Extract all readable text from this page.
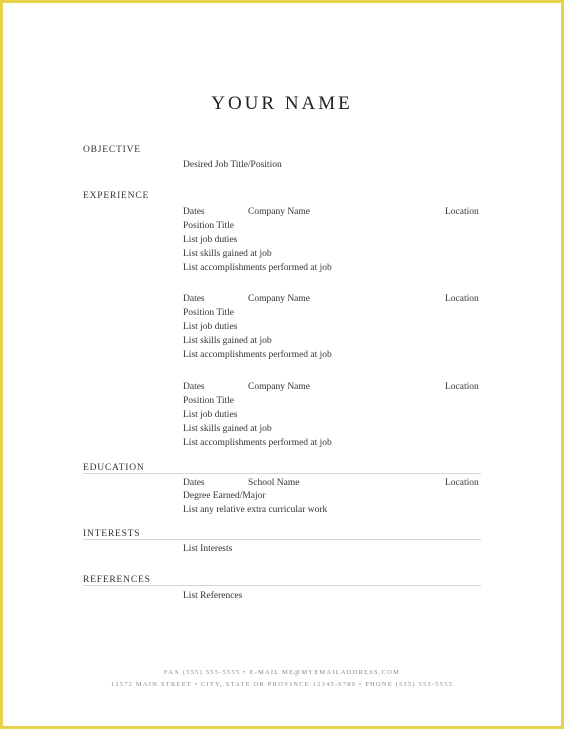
YOUR NAME
OBJECTIVE
Desired Job Title/Position
EXPERIENCE
Dates	Company Name	Location
Position Title
List job duties
List skills gained at job
List accomplishments performed at job
Dates	Company Name	Location
Position Title
List job duties
List skills gained at job
List accomplishments performed at job
Dates	Company Name	Location
Position Title
List job duties
List skills gained at job
List accomplishments performed at job
EDUCATION
Dates	School Name	Location
Degree Earned/Major
List any relative extra curricular work
INTERESTS
List Interests
REFERENCES
List References
FAX (555) 555-5555 • E-MAIL ME@MYEMAILADDRESS.COM
12572 MAIN STREET • CITY, STATE OR PROVINCE 12345-6789 • PHONE (555) 555-5555
